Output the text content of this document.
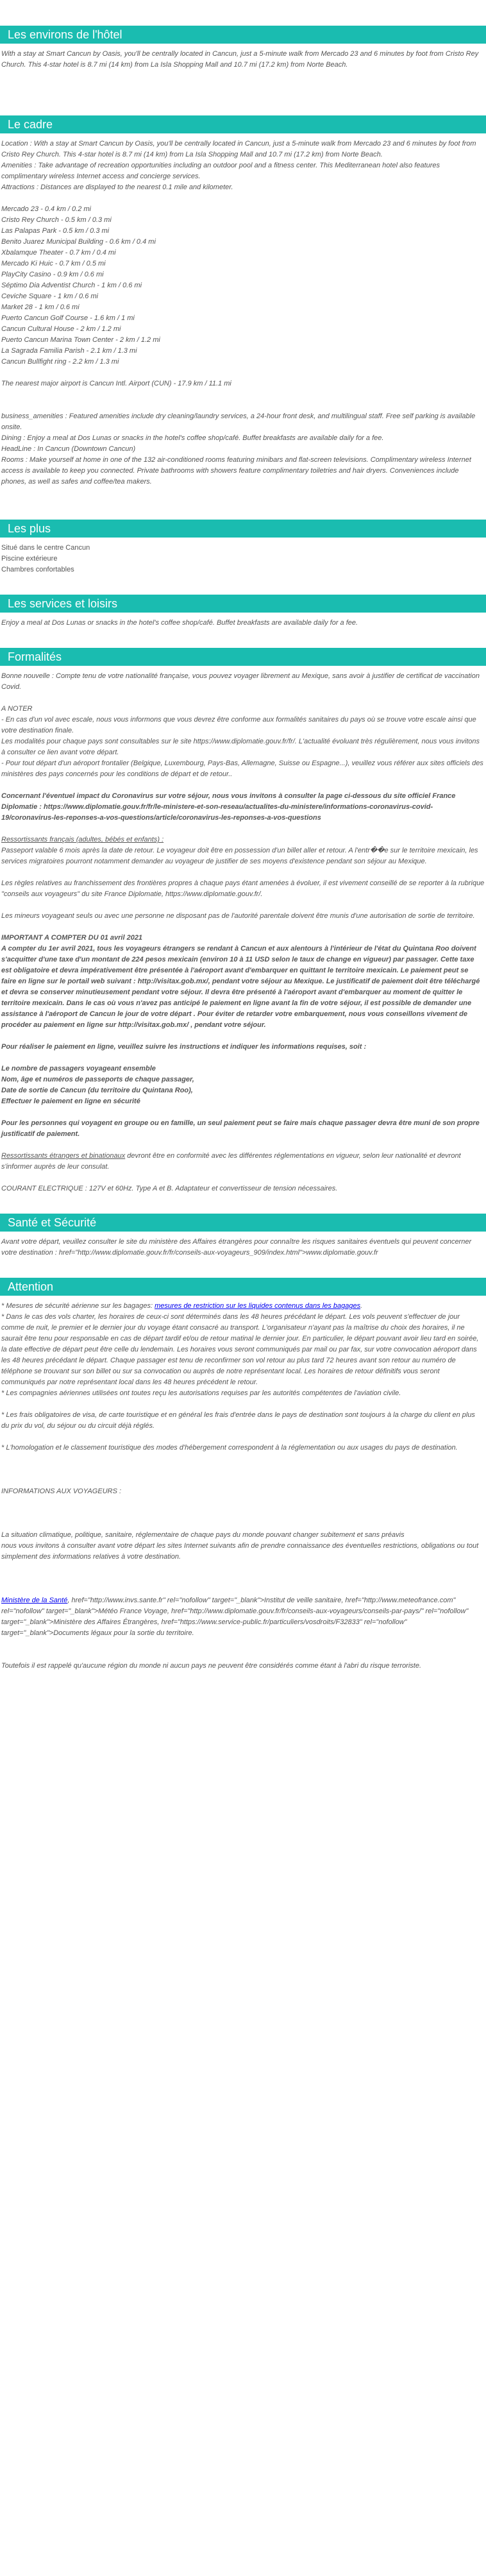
Les environs de l'hôtel
With a stay at Smart Cancun by Oasis, you'll be centrally located in Cancun, just a 5-minute walk from Mercado 23 and 6 minutes by foot from Cristo Rey Church. This 4-star hotel is 8.7 mi (14 km) from La Isla Shopping Mall and 10.7 mi (17.2 km) from Norte Beach.
Le cadre
Location : With a stay at Smart Cancun by Oasis, you'll be centrally located in Cancun, just a 5-minute walk from Mercado 23 and 6 minutes by foot from Cristo Rey Church. This 4-star hotel is 8.7 mi (14 km) from La Isla Shopping Mall and 10.7 mi (17.2 km) from Norte Beach.
Amenities : Take advantage of recreation opportunities including an outdoor pool and a fitness center. This Mediterranean hotel also features complimentary wireless Internet access and concierge services.
Attractions : Distances are displayed to the nearest 0.1 mile and kilometer.
Mercado 23 - 0.4 km / 0.2 mi
Cristo Rey Church - 0.5 km / 0.3 mi
Las Palapas Park - 0.5 km / 0.3 mi
Benito Juarez Municipal Building - 0.6 km / 0.4 mi
Xbalamque Theater - 0.7 km / 0.4 mi
Mercado Ki Huic - 0.7 km / 0.5 mi
PlayCity Casino - 0.9 km / 0.6 mi
Séptimo Dia Adventist Church - 1 km / 0.6 mi
Ceviche Square - 1 km / 0.6 mi
Market 28 - 1 km / 0.6 mi
Puerto Cancun Golf Course - 1.6 km / 1 mi
Cancun Cultural House - 2 km / 1.2 mi
Puerto Cancun Marina Town Center - 2 km / 1.2 mi
La Sagrada Familia Parish - 2.1 km / 1.3 mi
Cancun Bullfight ring - 2.2 km / 1.3 mi
The nearest major airport is Cancun Intl. Airport (CUN) - 17.9 km / 11.1 mi
business_amenities : Featured amenities include dry cleaning/laundry services, a 24-hour front desk, and multilingual staff. Free self parking is available onsite.
Dining : Enjoy a meal at Dos Lunas or snacks in the hotel's coffee shop/café. Buffet breakfasts are available daily for a fee.
HeadLine : In Cancun (Downtown Cancun)
Rooms : Make yourself at home in one of the 132 air-conditioned rooms featuring minibars and flat-screen televisions. Complimentary wireless Internet access is available to keep you connected. Private bathrooms with showers feature complimentary toiletries and hair dryers. Conveniences include phones, as well as safes and coffee/tea makers.
Les plus
Situé dans le centre Cancun
Piscine extérieure
Chambres confortables
Les services et loisirs
Enjoy a meal at Dos Lunas or snacks in the hotel's coffee shop/café. Buffet breakfasts are available daily for a fee.
Formalités
Bonne nouvelle : Compte tenu de votre nationalité française, vous pouvez voyager librement au Mexique, sans avoir à justifier de certificat de vaccination Covid.
A NOTER
- En cas d'un vol avec escale, nous vous informons que vous devrez être conforme aux formalités sanitaires du pays où se trouve votre escale ainsi que votre destination finale.
Les modalités pour chaque pays sont consultables sur le site https://www.diplomatie.gouv.fr/fr/. L'actualité évoluant très régulièrement, nous vous invitons à consulter ce lien avant votre départ.
- Pour tout départ d'un aéroport frontalier (Belgique, Luxembourg, Pays-Bas, Allemagne, Suisse ou Espagne...), veuillez vous référer aux sites officiels des ministères des pays concernés pour les conditions de départ et de retour..
Concernant l'éventuel impact du Coronavirus sur votre séjour, nous vous invitons à consulter la page ci-dessous du site officiel France Diplomatie : https://www.diplomatie.gouv.fr/fr/le-ministere-et-son-reseau/actualites-du-ministere/informations-coronavirus-covid-19/coronavirus-les-reponses-a-vos-questions/article/coronavirus-les-reponses-a-vos-questions
Ressortissants français (adultes, bébés et enfants) :
Passeport valable 6 mois après la date de retour. Le voyageur doit être en possession d'un billet aller et retour. A l'entr��e sur le territoire mexicain, les services migratoires pourront notamment demander au voyageur de justifier de ses moyens d'existence pendant son séjour au Mexique.
Les règles relatives au franchissement des frontières propres à chaque pays étant amenées à évoluer, il est vivement conseillé de se reporter à la rubrique "conseils aux voyageurs" du site France Diplomatie, https://www.diplomatie.gouv.fr/.
Les mineurs voyageant seuls ou avec une personne ne disposant pas de l'autorité parentale doivent être munis d'une autorisation de sortie de territoire.
IMPORTANT A COMPTER DU 01 avril 2021
A compter du 1er avril 2021, tous les voyageurs étrangers se rendant à Cancun et aux alentours à l'intérieur de l'état du Quintana Roo doivent s'acquitter d'une taxe d'un montant de 224 pesos mexicain (environ 10 à 11 USD selon le taux de change en vigueur) par passager. Cette taxe est obligatoire et devra impérativement être présentée à l'aéroport avant d'embarquer en quittant le territoire mexicain. Le paiement peut se faire en ligne sur le portail web suivant : http://visitax.gob.mx/, pendant votre séjour au Mexique. Le justificatif de paiement doit être téléchargé et devra se conserver minutieusement pendant votre séjour. Il devra être présenté à l'aéroport avant d'embarquer au moment de quitter le territoire mexicain. Dans le cas où vous n'avez pas anticipé le paiement en ligne avant la fin de votre séjour, il est possible de demander une assistance à l'aéroport de Cancun le jour de votre départ . Pour éviter de retarder votre embarquement, nous vous conseillons vivement de procéder au paiement en ligne sur http://visitax.gob.mx/ , pendant votre séjour.
Pour réaliser le paiement en ligne, veuillez suivre les instructions et indiquer les informations requises, soit :
Le nombre de passagers voyageant ensemble
Nom, âge et numéros de passeports de chaque passager,
Date de sortie de Cancun (du territoire du Quintana Roo),
Effectuer le paiement en ligne en sécurité
Pour les personnes qui voyagent en groupe ou en famille, un seul paiement peut se faire mais chaque passager devra être muni de son propre justificatif de paiement.
Ressortissants étrangers et binationaux devront être en conformité avec les différentes réglementations en vigueur, selon leur nationalité et devront s'informer auprès de leur consulat.
COURANT ELECTRIQUE : 127V et 60Hz. Type A et B. Adaptateur et convertisseur de tension nécessaires.
Santé et Sécurité
Avant votre départ, veuillez consulter le site du ministère des Affaires étrangères pour connaître les risques sanitaires éventuels qui peuvent concerner votre destination : href="http://www.diplomatie.gouv.fr/fr/conseils-aux-voyageurs_909/index.html">www.diplomatie.gouv.fr
Attention
* Mesures de sécurité aérienne sur les bagages: mesures de restriction sur les liquides contenus dans les bagages.
* Dans le cas des vols charter, les horaires de ceux-ci sont déterminés dans les 48 heures précédant le départ. Les vols peuvent s'effectuer de jour comme de nuit, le premier et le dernier jour du voyage étant consacré au transport. L'organisateur n'ayant pas la maîtrise du choix des horaires, il ne saurait être tenu pour responsable en cas de départ tardif et/ou de retour matinal le dernier jour. En particulier, le départ pouvant avoir lieu tard en soirée, la date effective de départ peut être celle du lendemain. Les horaires vous seront communiqués par mail ou par fax, sur votre convocation aéroport dans les 48 heures précédant le départ. Chaque passager est tenu de reconfirmer son vol retour au plus tard 72 heures avant son retour au numéro de téléphone se trouvant sur son billet ou sur sa convocation ou auprès de notre représentant local. Les horaires de retour définitifs vous seront communiqués par notre représentant local dans les 48 heures précédent le retour.
* Les compagnies aériennes utilisées ont toutes reçu les autorisations requises par les autorités compétentes de l'aviation civile.
* Les frais obligatoires de visa, de carte touristique et en général les frais d'entrée dans le pays de destination sont toujours à la charge du client en plus du prix du vol, du séjour ou du circuit déjà réglés.
* L'homologation et le classement touristique des modes d'hébergement correspondent à la réglementation ou aux usages du pays de destination.
INFORMATIONS AUX VOYAGEURS :
La situation climatique, politique, sanitaire, réglementaire de chaque pays du monde pouvant changer subitement et sans préavis
nous vous invitons à consulter avant votre départ les sites Internet suivants afin de prendre connaissance des éventuelles restrictions, obligations ou tout simplement des informations relatives à votre destination.
Ministère de la Santé, href="http://www.invs.sante.fr" rel="nofollow" target="_blank">Institut de veille sanitaire, href="http://www.meteofrance.com" rel="nofollow" target="_blank">Météo France Voyage, href="http://www.diplomatie.gouv.fr/fr/conseils-aux-voyageurs/conseils-par-pays/" rel="nofollow" target="_blank">Ministère des Affaires Étrangères, href="https://www.service-public.fr/particuliers/vosdroits/F32833" rel="nofollow" target="_blank">Documents légaux pour la sortie du territoire.
Toutefois il est rappelé qu'aucune région du monde ni aucun pays ne peuvent être considérés comme étant à l'abri du risque terroriste.
